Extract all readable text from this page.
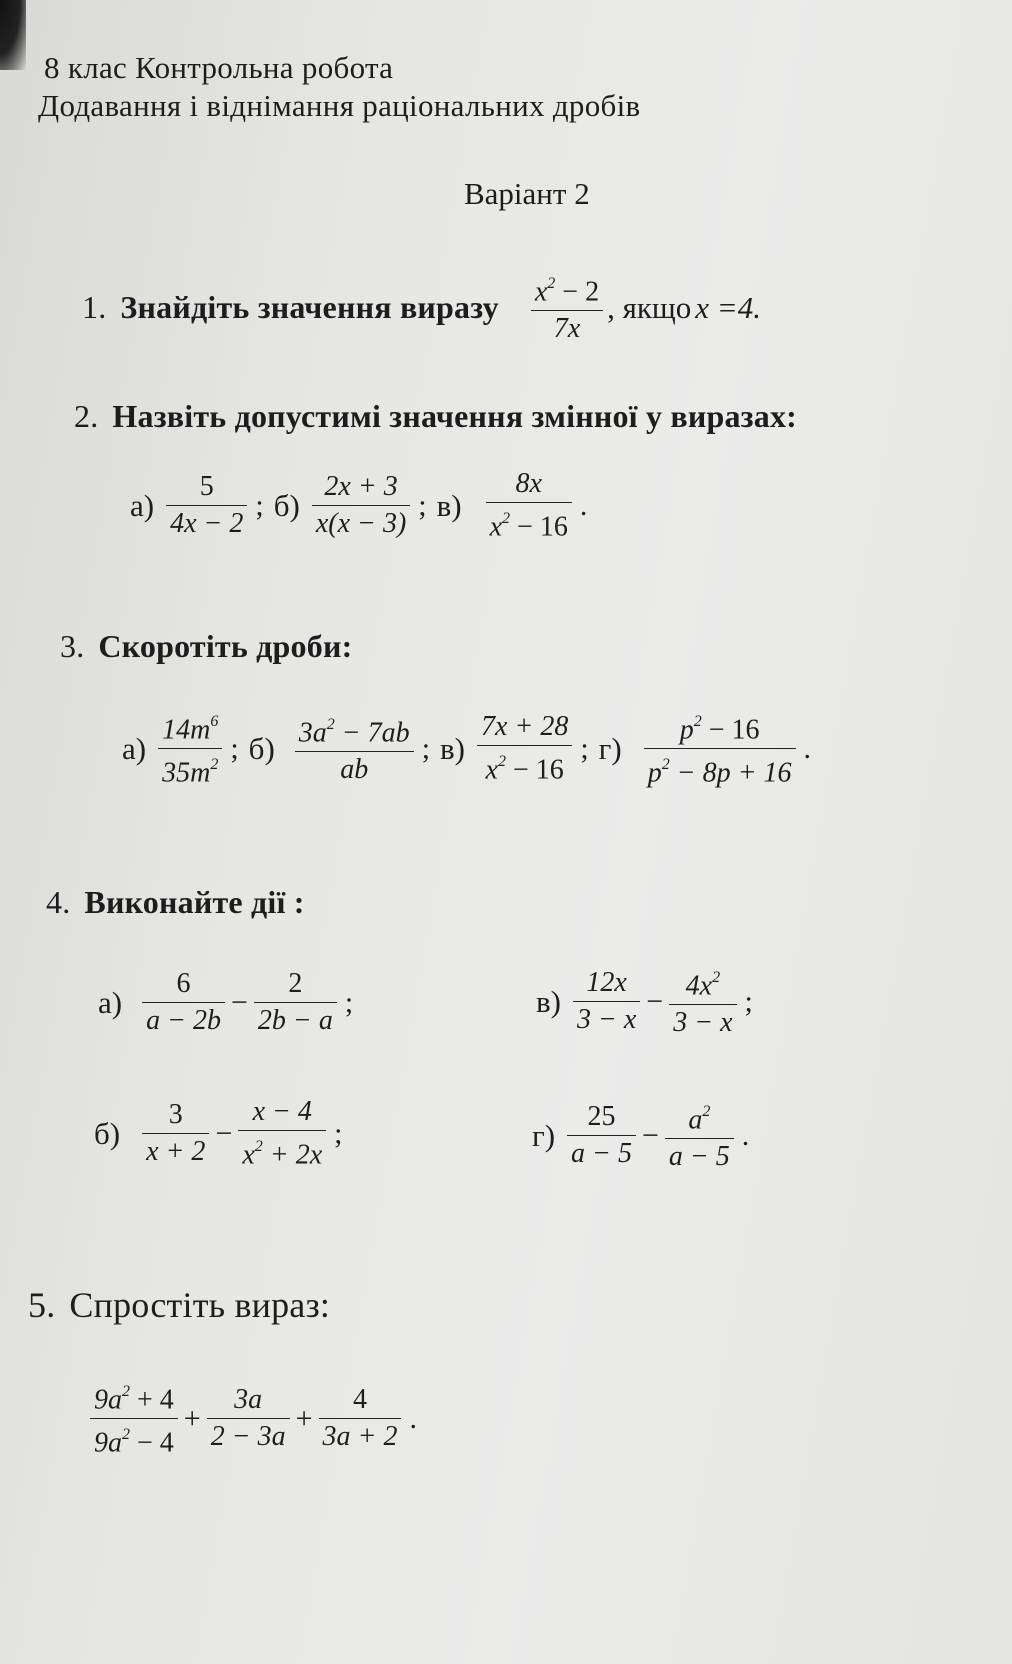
8 клас Контрольна робота
Додавання і віднімання раціональних дробів
Варіант 2
1. Знайдіть значення виразу $x^2 - 2$
7x
, якщо x =4.
2. Назвіть допустимі значення змінної у виразах:
а)
5
4x − 2
; б)
2x + 3
x(x − 3)
; в)
8x
$x^2 - 16$
.
3. Скоротіть дроби:
а)
$14m^6$
$35m^2$ ; б) $3a^2 - 7ab$
ab
; в)
7x + 28
$x^2 - 16$
; г)
$p^2 - 16$
$p^2 - 8p + 16$
.
4. Виконайте дії :
а)
6
a − 2b
−
2
2b − a
;
б)
3
x + 2
−
x − 4
$x^2 + 2x$
;
в)
12x
3 − x
− $4x^2$
3 − x
;
г)
25
a − 5
− $a^2$
a − 5
.
5. Спростіть вираз:
$9a^2 + 4$
$9a^2 - 4$
+
3a
2 − 3a
+
4
3a + 2
.
